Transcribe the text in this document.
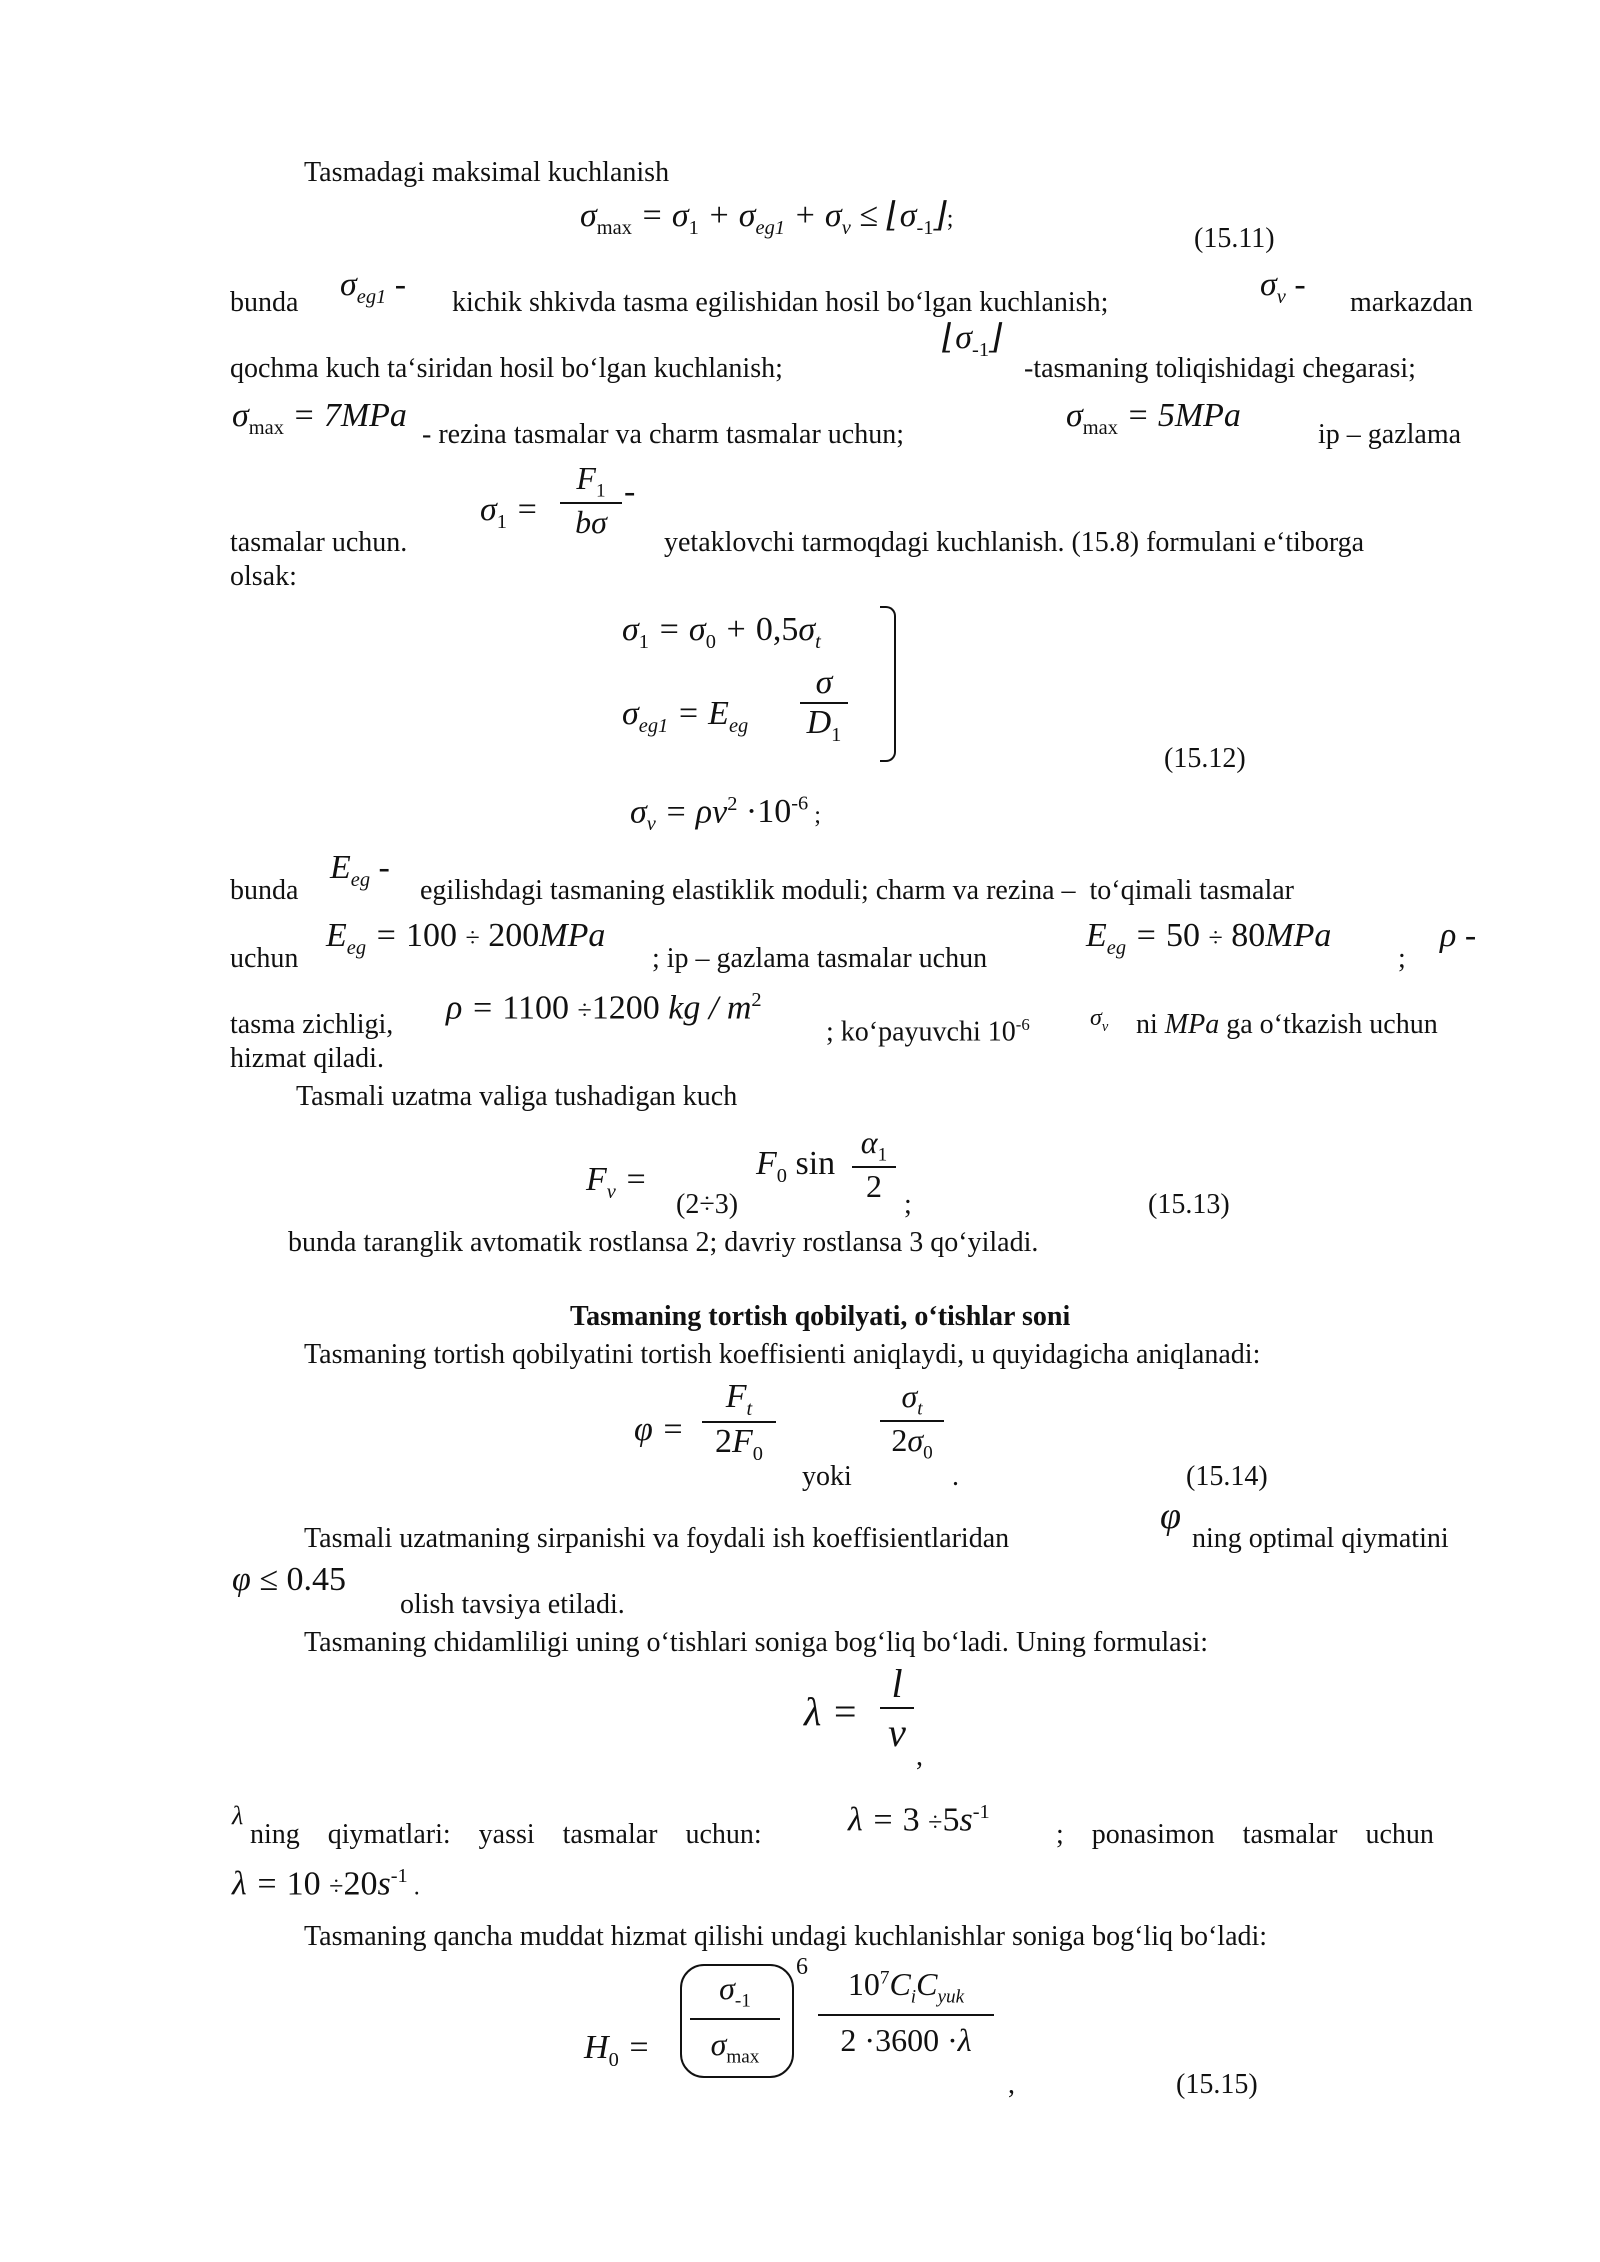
Tasmadagi maksimal kuchlanish
$\sigma_{max} = \sigma_1 + \sigma_{eg1} + \sigma_v$ ≤ $⌊\sigma_{-1}⌋$;
(15.11)
bunda $\sigma_{eg1}$ - kichik shkivda tasma egilishidan hosil bo‘lgan kuchlanish;	$\sigma_v$ - markazdan
qochma kuch ta‘siridan hosil bo‘lgan kuchlanish;
$⌊\sigma_{-1}⌋$
-tasmaning toliqishidagi chegarasi;
$\sigma_{max} = 7MPa$
- rezina tasmalar va charm tasmalar uchun;
$\sigma_{max} = 5MPa$
ip – gazlama
tasmalar uchun.
$\sigma_1 = \frac{F_1}{b\sigma}$ -
yetaklovchi tarmoqdagi kuchlanish. (15.8) formulani e‘tiborga
olsak:
$\sigma_1 = \sigma_0 + 0,5\sigma_t$
$\sigma_{eg1} = E_{eg} \frac{\sigma}{D_1}$
(15.12)
$\sigma_v = \rho v^2 \cdot 10^{-6}$ ;
$E_{eg}$ -
bunda	egilishdagi tasmaning elastiklik moduli; charm va rezina –  to‘qimali tasmalar
uchun
$E_{eg} = 100 \div 200MPa$
; ip – gazlama tasmalar uchun
$E_{eg} = 50 \div 80MPa$
;
ρ -
tasma zichligi, ρ = 1100 ÷1200 kg / $m^2$
; ko‘payuvchi $10^{-6}$	$\sigma_v$ ni MPa ga o‘tkazish uchun
hizmat qiladi.
Tasmali uzatma valiga tushadigan kuch
$F_v$ =
(2÷3)
$F_0$ $\sin \frac{\alpha_1}{2}$ ;	(15.13)
bunda taranglik avtomatik rostlansa 2; davriy rostlansa 3 qo‘yiladi.
Tasmaning tortish qobilyati, o‘tishlar soni
Tasmaning tortish qobilyatini tortish koeffisienti aniqlaydi, u quyidagicha aniqlanadi:
$\varphi = \frac{F_t}{2F_0}$
yoki
$\frac{\sigma_t}{2\sigma_0}$
.	(15.14)
Tasmali uzatmaning sirpanishi va foydali ish koeffisientlaridan
φ
ning optimal qiymatini
φ ≤ 0.45
olish tavsiya etiladi.
Tasmaning chidamliligi uning o‘tishlari soniga bog‘liq bo‘ladi. Uning formulasi:
$\lambda = \frac{l}{v}$
,
λ
ning    qiymatlari:    yassi    tasmalar    uchun:	$\lambda = 3 \div 5s^{-1}$
;    ponasimon    tasmalar    uchun
$\lambda = 10 \div 20s^{-1}$ .
Tasmaning qancha muddat hizmat qilishi undagi kuchlanishlar soniga bog‘liq bo‘ladi:
$H_0$ =
$\sigma_{-1}$
$\sigma_{max}$
6	$10^7C_iC_{yuk}$
2 ·3600 ·λ
,	(15.15)
